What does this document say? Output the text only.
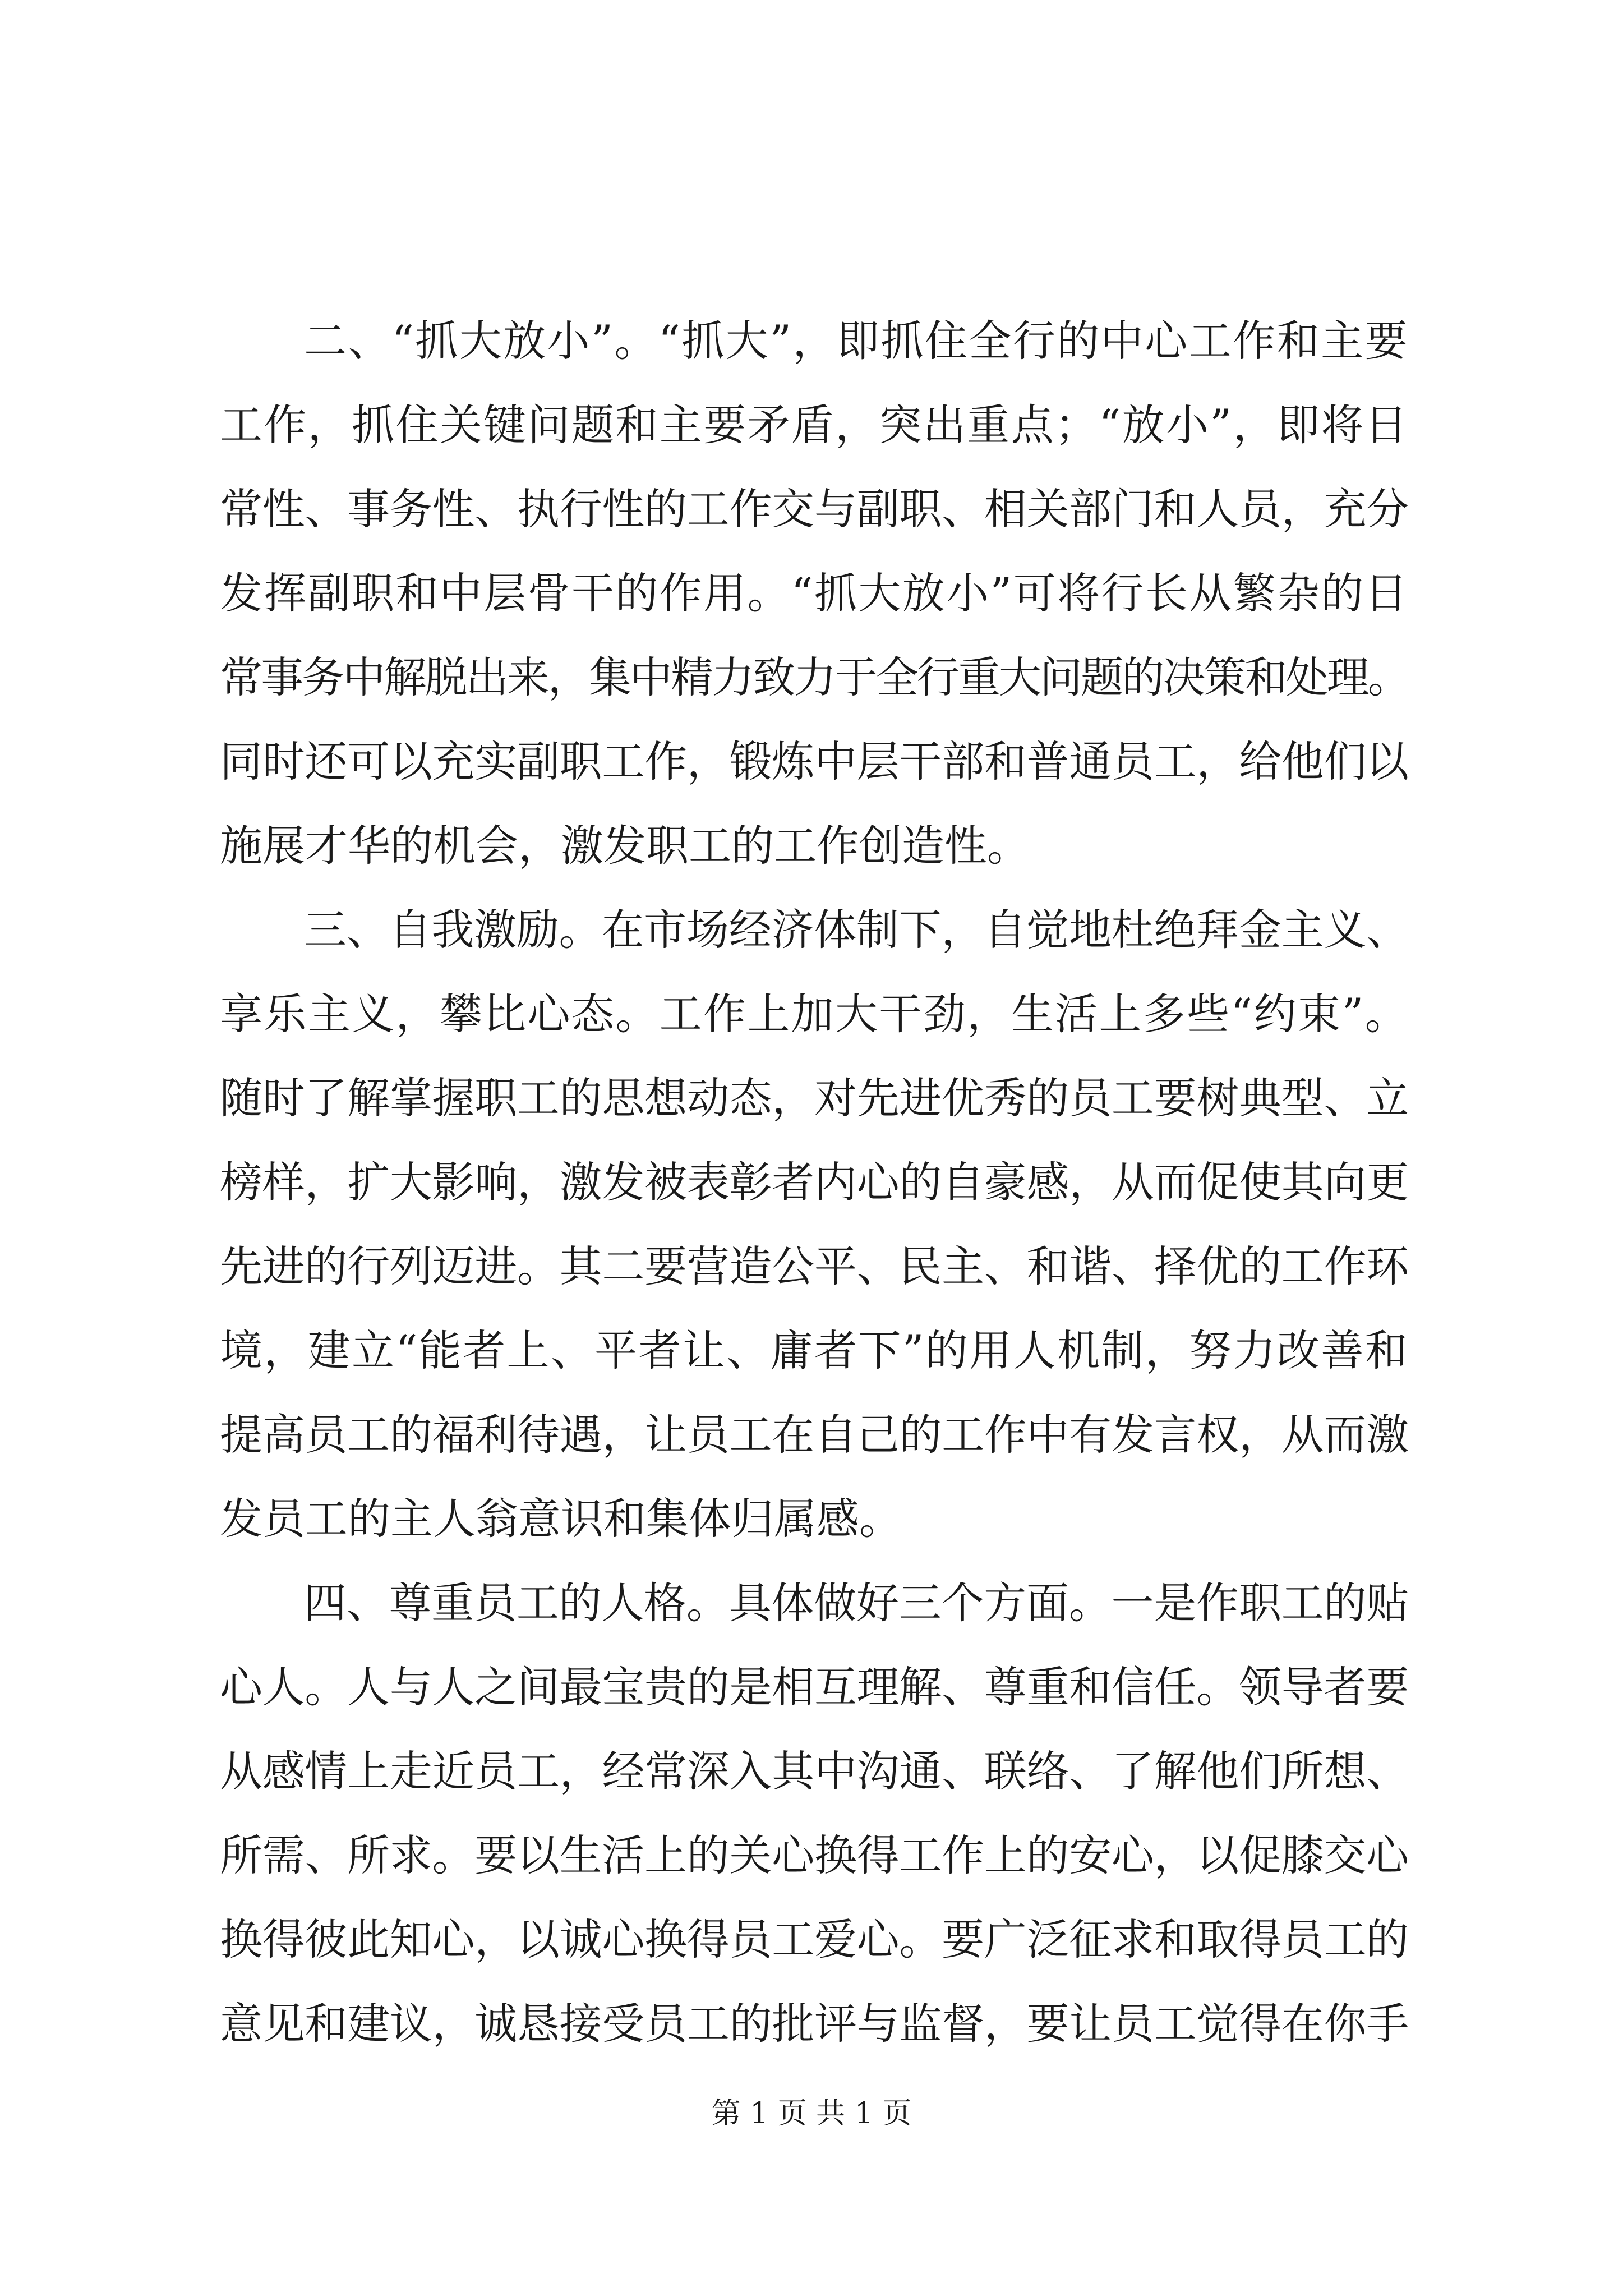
二、“抓大放小”。“抓大”，即抓住全行的中心工作和主要
工作，抓住关键问题和主要矛盾，突出重点；“放小”，即将日
常性、事务性、执行性的工作交与副职、相关部门和人员，充分
发挥副职和中层骨干的作用。“抓大放小”可将行长从繁杂的日
常事务中解脱出来，集中精力致力于全行重大问题的决策和处理。
同时还可以充实副职工作，锻炼中层干部和普通员工，给他们以
施展才华的机会，激发职工的工作创造性。
三、自我激励。在市场经济体制下，自觉地杜绝拜金主义、
享乐主义，攀比心态。工作上加大干劲，生活上多些“约束”。
随时了解掌握职工的思想动态，对先进优秀的员工要树典型、立
榜样，扩大影响，激发被表彰者内心的自豪感，从而促使其向更
先进的行列迈进。其二要营造公平、民主、和谐、择优的工作环
境，建立“能者上、平者让、庸者下”的用人机制，努力改善和
提高员工的福利待遇，让员工在自己的工作中有发言权，从而激
发员工的主人翁意识和集体归属感。
四、尊重员工的人格。具体做好三个方面。一是作职工的贴
心人。人与人之间最宝贵的是相互理解、尊重和信任。领导者要
从感情上走近员工，经常深入其中沟通、联络、了解他们所想、
所需、所求。要以生活上的关心换得工作上的安心，以促膝交心
换得彼此知心，以诚心换得员工爱心。要广泛征求和取得员工的
意见和建议，诚恳接受员工的批评与监督，要让员工觉得在你手
第 1 页 共 1 页
